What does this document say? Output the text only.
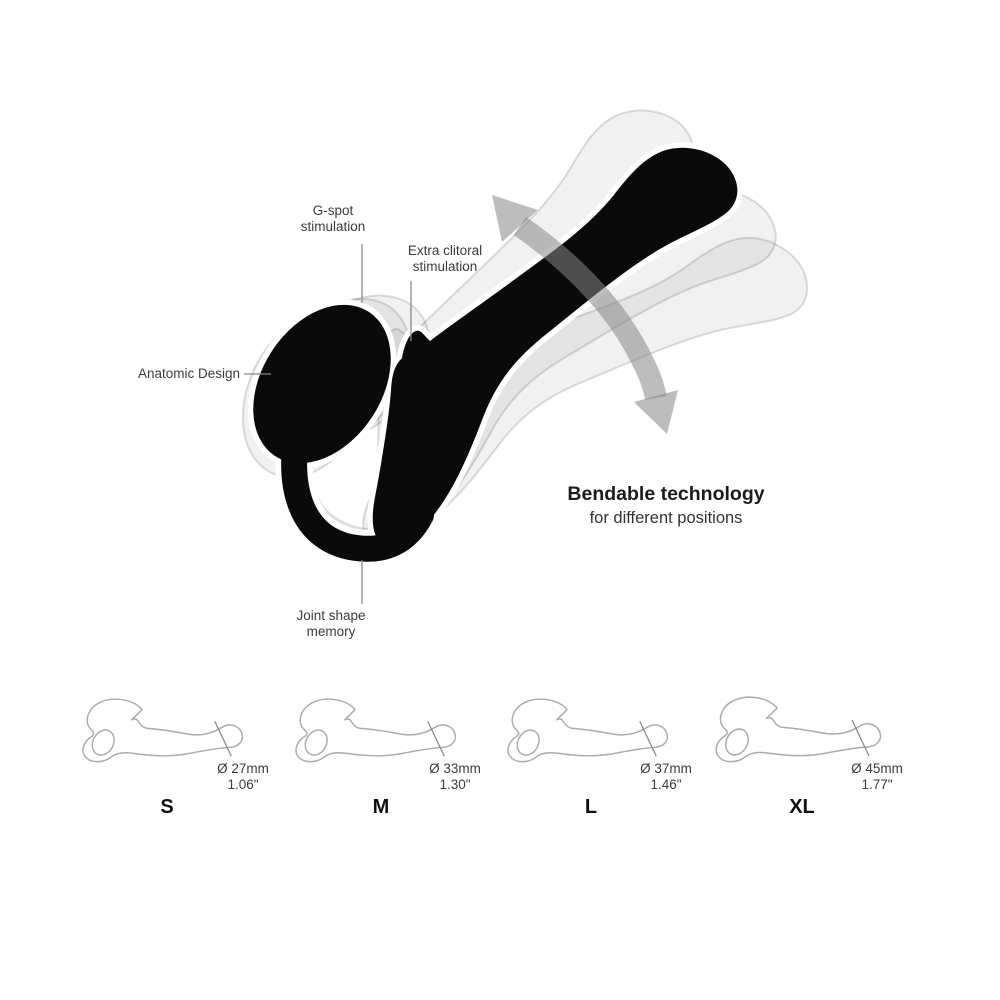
G-spot
stimulation
Extra clitoral
stimulation
Anatomic Design
Joint shape
memory
Bendable technology
for different positions
Ø 27mm
1.06"
Ø 33mm
1.30"
Ø 37mm
1.46"
Ø 45mm
1.77"
S	M	L	XL
